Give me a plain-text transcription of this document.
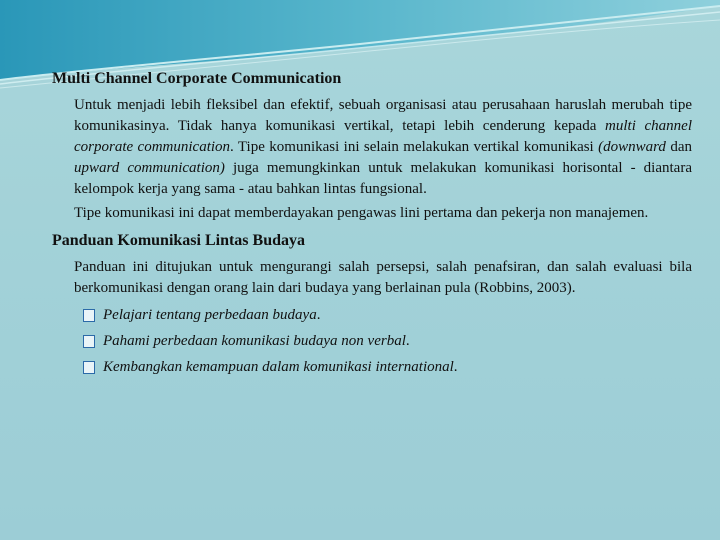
Multi Channel Corporate Communication

Untuk menjadi lebih fleksibel dan efektif, sebuah organisasi atau perusahaan haruslah merubah tipe komunikasinya. Tidak hanya komunikasi vertikal, tetapi lebih cenderung kepada multi channel corporate communication. Tipe komunikasi ini selain melakukan vertikal komunikasi (downward dan upward communication) juga memungkinkan untuk melakukan komunikasi horisontal - diantara kelompok kerja yang sama - atau bahkan lintas fungsional.

Tipe komunikasi ini dapat memberdayakan pengawas lini pertama dan pekerja non manajemen.

Panduan Komunikasi Lintas Budaya

Panduan ini ditujukan untuk mengurangi salah persepsi, salah penafsiran, dan salah evaluasi bila berkomunikasi dengan orang lain dari budaya yang berlainan pula (Robbins, 2003).

Pelajari tentang perbedaan budaya .
Pahami perbedaan komunikasi budaya non verbal .
Kembangkan kemampuan dalam komunikasi international .
